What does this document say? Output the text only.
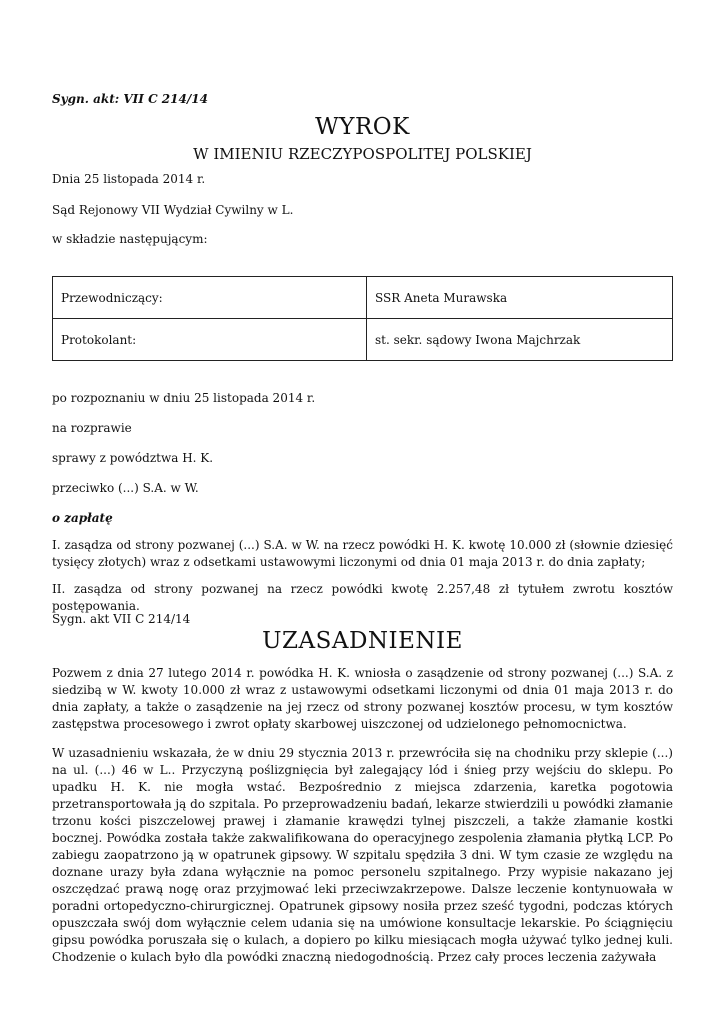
Sygn. akt: VII C 214/14
WYROK
W IMIENIU RZECZYPOSPOLITEJ POLSKIEJ
Dnia 25 listopada 2014 r.
Sąd Rejonowy VII Wydział Cywilny w L.
w składzie następującym:
Przewodniczący:	SSR Aneta Murawska
Protokolant:	st. sekr. sądowy Iwona Majchrzak
po rozpoznaniu w dniu 25 listopada 2014 r.
na rozprawie
sprawy z powództwa H. K.
przeciwko (...) S.A. w W.
o zapłatę
I. zasądza od strony pozwanej (...) S.A. w W. na rzecz powódki H. K. kwotę 10.000 zł (słownie dziesięć tysięcy złotych) wraz z odsetkami ustawowymi liczonymi od dnia 01 maja 2013 r. do dnia zapłaty;
II. zasądza od strony pozwanej na rzecz powódki kwotę 2.257,48 zł tytułem zwrotu kosztów postępowania.
Sygn. akt VII C 214/14
UZASADNIENIE
Pozwem z dnia 27 lutego 2014 r. powódka H. K. wniosła o zasądzenie od strony pozwanej (...) S.A. z siedzibą w W. kwoty 10.000 zł wraz z ustawowymi odsetkami liczonymi od dnia 01 maja 2013 r. do dnia zapłaty, a także o zasądzenie na jej rzecz od strony pozwanej kosztów procesu, w tym kosztów zastępstwa procesowego i zwrot opłaty skarbowej uiszczonej od udzielonego pełnomocnictwa.
W uzasadnieniu wskazała, że w dniu 29 stycznia 2013 r. przewróciła się na chodniku przy sklepie (...) na ul. (...) 46 w L.. Przyczyną poślizgnięcia był zalegający lód i śnieg przy wejściu do sklepu. Po upadku H. K. nie mogła wstać. Bezpośrednio z miejsca zdarzenia, karetka pogotowia przetransportowała ją do szpitala. Po przeprowadzeniu badań, lekarze stwierdzili u powódki złamanie trzonu kości piszczelowej prawej i złamanie krawędzi tylnej piszczeli, a także złamanie kostki bocznej. Powódka została także zakwalifikowana do operacyjnego zespolenia złamania płytką LCP. Po zabiegu zaopatrzono ją w opatrunek gipsowy. W szpitalu spędziła 3 dni. W tym czasie ze względu na doznane urazy była zdana wyłącznie na pomoc personelu szpitalnego. Przy wypisie nakazano jej oszczędzać prawą nogę oraz przyjmować leki przeciwzakrzepowe. Dalsze leczenie kontynuowała w poradni ortopedyczno-chirurgicznej. Opatrunek gipsowy nosiła przez sześć tygodni, podczas których opuszczała swój dom wyłącznie celem udania się na umówione konsultacje lekarskie. Po ściągnięciu gipsu powódka poruszała się o kulach, a dopiero po kilku miesiącach mogła używać tylko jednej kuli. Chodzenie o kulach było dla powódki znaczną niedogodnością. Przez cały proces leczenia zażywała
